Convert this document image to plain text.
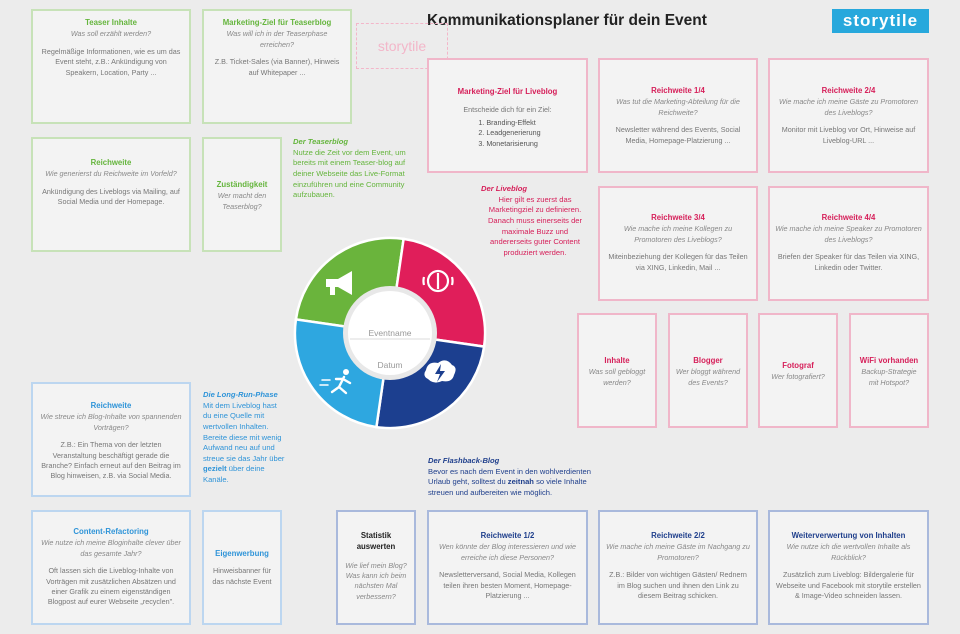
Kommunikationsplaner für dein Event	storytile
storytile
Teaser Inhalte
Was soll erzählt werden?
Regelmäßige Informationen, wie es um das Event steht, z.B.: Ankündigung von Speakern, Location, Party ...
Marketing-Ziel für Teaserblog
Was will ich in der Teaserphase erreichen?
Z.B. Ticket-Sales (via Banner), Hinweis auf Whitepaper ...
Reichweite
Wie generierst du Reichweite im Vorfeld?
Ankündigung des Liveblogs via Mailing, auf Social Media und der Homepage.
Zuständigkeit
Wer macht den Teaserblog?
Der Teaserblog
Nutze die Zeit vor dem Event, um bereits mit einem Teaser-blog auf deiner Webseite das Live-Format einzuführen und eine Community aufzubauen.
Marketing-Ziel für Liveblog
Entscheide dich für ein Ziel:
1. Branding-Effekt
2. Leadgenerierung
3. Monetarisierung
Reichweite 1/4
Was tut die Marketing-Abteilung für die Reichweite?
Newsletter während des Events, Social Media, Homepage-Platzierung ...
Reichweite 2/4
Wie mache ich meine Gäste zu Promotoren des Liveblogs?
Monitor mit Liveblog vor Ort, Hinweise auf Liveblog-URL ...
Reichweite 3/4
Wie mache ich meine Kollegen zu Promotoren des Liveblogs?
Miteinbeziehung der Kollegen für das Teilen via XING, Linkedin, Mail ...
Reichweite 4/4
Wie mache ich meine Speaker zu Promotoren des Liveblogs?
Briefen der Speaker für das Teilen via XING, Linkedin oder Twitter.
Inhalte
Was soll gebloggt werden?
Blogger
Wer bloggt während des Events?
Fotograf
Wer fotografiert?
WiFi vorhanden
Backup-Strategie mit Hotspot?
Der Liveblog
Hier gilt es zuerst das Marketingziel zu definieren. Danach muss einerseits der maximale Buzz und andererseits guter Content produziert werden.
Eventname
Datum
Reichweite
Wie streue ich Blog-Inhalte von spannenden Vorträgen?
Z.B.: Ein Thema von der letzten Veranstaltung beschäftigt gerade die Branche? Einfach erneut auf den Beitrag im Blog hinweisen, z.B. via Social Media.
Die Long-Run-Phase
Mit dem Liveblog hast du eine Quelle mit wertvollen Inhalten. Bereite diese mit wenig Aufwand neu auf und streue sie das Jahr über gezielt über deine Kanäle.
Content-Refactoring
Wie nutze ich meine Bloginhalte clever über das gesamte Jahr?
Oft lassen sich die Liveblog-Inhalte von Vorträgen mit zusätzlichen Absätzen und einer Grafik zu einem eigenständigen Blogpost auf eurer Webseite „recyclen".
Eigenwerbung
Hinweisbanner für das nächste Event
Der Flashback-Blog
Bevor es nach dem Event in den wohlverdienten Urlaub geht, solltest du zeitnah so viele Inhalte streuen und aufbereiten wie möglich.
Statistik auswerten
Wie lief mein Blog? Was kann ich beim nächsten Mal verbessern?
Reichweite 1/2
Wen könnte der Blog interessieren und wie erreiche ich diese Personen?
Newsletterversand, Social Media, Kollegen teilen ihren besten Moment, Homepage-Platzierung ...
Reichweite 2/2
Wie mache ich meine Gäste im Nachgang zu Promotoren?
Z.B.: Bilder von wichtigen Gästen/ Rednern im Blog suchen und ihnen den Link zu diesem Beitrag schicken.
Weiterverwertung von Inhalten
Wie nutze ich die wertvollen Inhalte als Rückblick?
Zusätzlich zum Liveblog: Bildergalerie für Webseite und Facebook mit storytile erstellen & Image-Video schneiden lassen.
